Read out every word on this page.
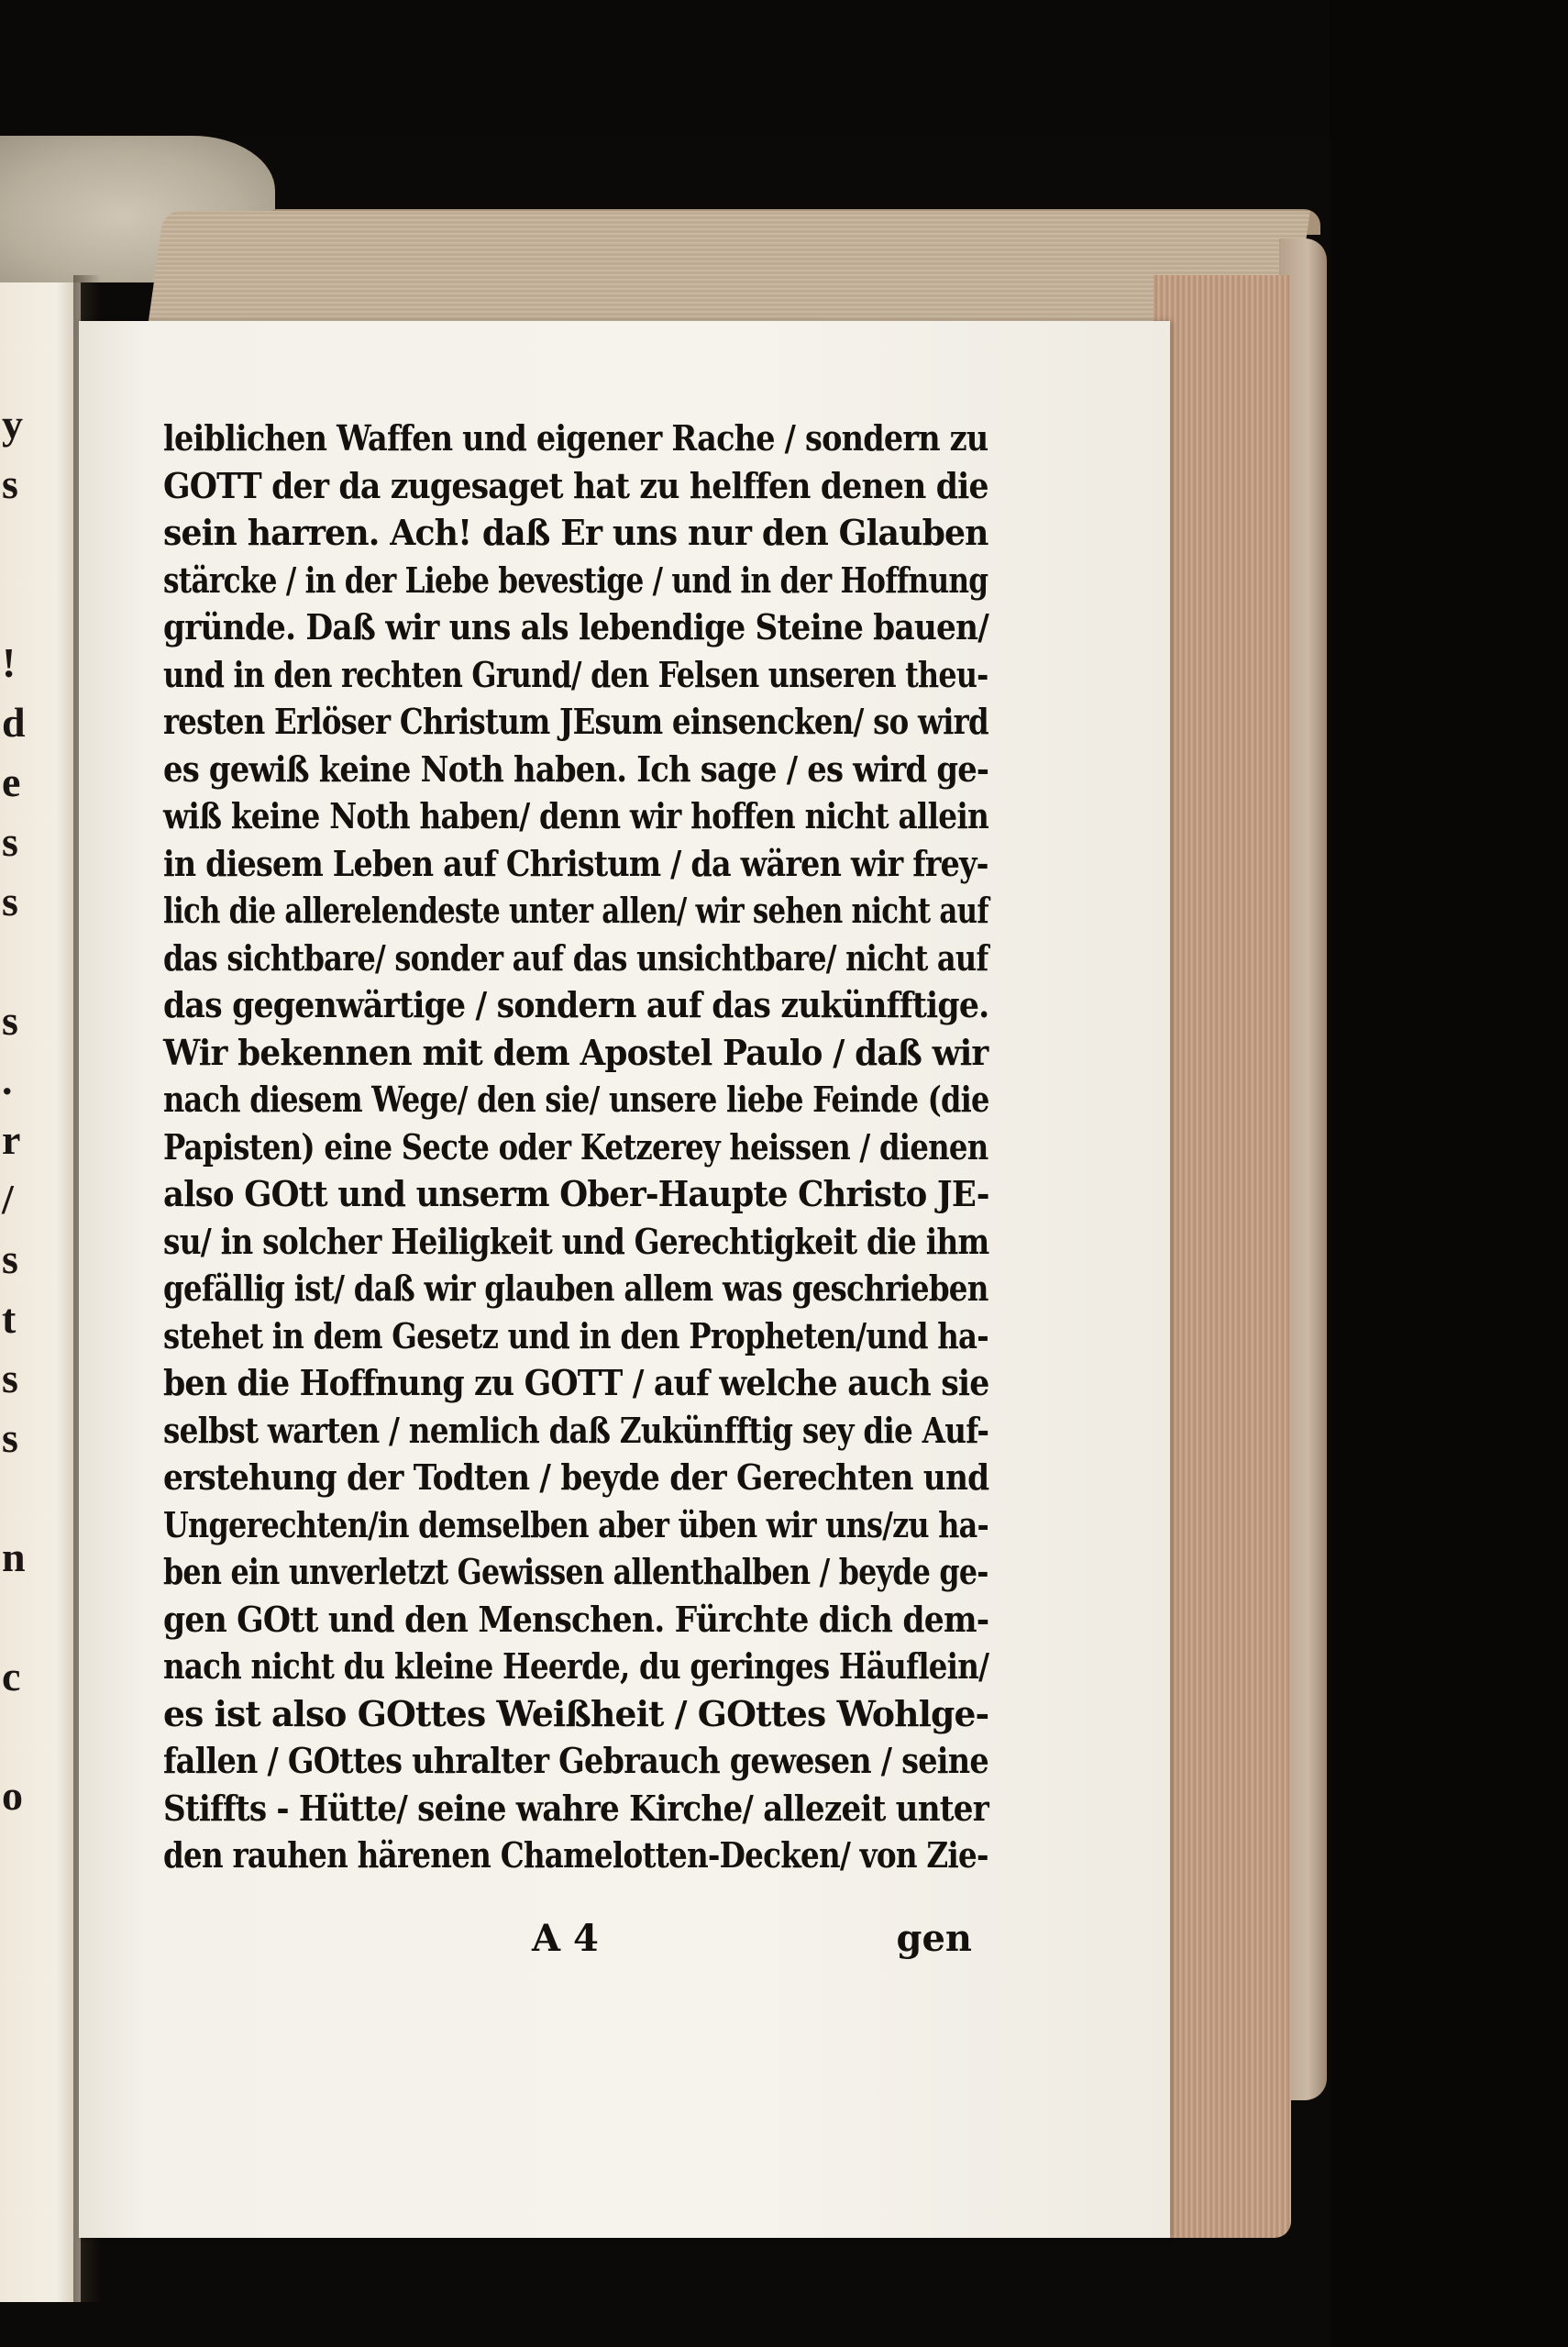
y
s
!
d
e
s
s
s
.
r
/
s
t
s
s
n
c
o
leiblichen Waffen und eigener Rache / sondern zu
GOTT der da zugesaget hat zu helffen denen die
sein harren. Ach! daß Er uns nur den Glauben
stärcke / in der Liebe bevestige / und in der Hoffnung
gründe. Daß wir uns als lebendige Steine bauen/
und in den rechten Grund/ den Felsen unseren theu-
resten Erlöser Christum JEsum einsencken/ so wird
es gewiß keine Noth haben. Ich sage / es wird ge-
wiß keine Noth haben/ denn wir hoffen nicht allein
in diesem Leben auf Christum / da wären wir frey-
lich die allerelendeste unter allen/ wir sehen nicht auf
das sichtbare/ sonder auf das unsichtbare/ nicht auf
das gegenwärtige / sondern auf das zukünfftige.
Wir bekennen mit dem Apostel Paulo / daß wir
nach diesem Wege/ den sie/ unsere liebe Feinde (die
Papisten) eine Secte oder Ketzerey heissen / dienen
also GOtt und unserm Ober-Haupte Christo JE-
su/ in solcher Heiligkeit und Gerechtigkeit die ihm
gefällig ist/ daß wir glauben allem was geschrieben
stehet in dem Gesetz und in den Propheten/und ha-
ben die Hoffnung zu GOTT / auf welche auch sie
selbst warten / nemlich daß Zukünfftig sey die Auf-
erstehung der Todten / beyde der Gerechten und
Ungerechten/in demselben aber üben wir uns/zu ha-
ben ein unverletzt Gewissen allenthalben / beyde ge-
gen GOtt und den Menschen. Fürchte dich dem-
nach nicht du kleine Heerde, du geringes Häuflein/
es ist also GOttes Weißheit / GOttes Wohlge-
fallen / GOttes uhralter Gebrauch gewesen / seine
Stiffts - Hütte/ seine wahre Kirche/ allezeit unter
den rauhen härenen Chamelotten-Decken/ von Zie-
A 4	gen
